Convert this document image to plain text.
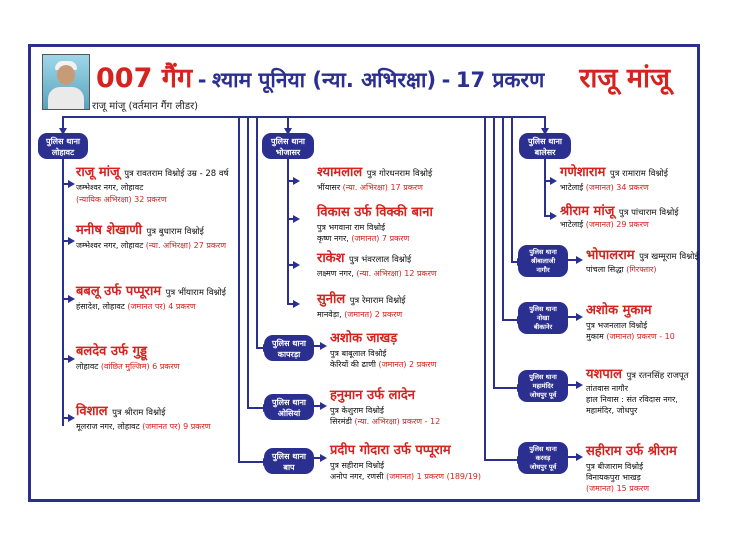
007 गैंग - श्याम पूनिया (न्या. अभिरक्षा) - 17 प्रकरण राजू मांजू
राजू मांजू (वर्तमान गैंग लीडर)
पुलिस थाना
लोहावट
पुलिस थाना
भोजासर
पुलिस थाना
कापरड़ा
पुलिस थाना
ओसियां
पुलिस थाना
बाप
पुलिस थाना
बालेसर
पुलिस थाना
श्रीबालाजी
नागौर
पुलिस थाना
नोखा
बीकानेर
पुलिस थाना
महामंदिर
जोधपुर पूर्व
पुलिस थाना
करवड़
जोधपुर पूर्व
राजू मांजू पुत्र रावतराम विश्नोई उम्र - 28 वर्ष
जम्भेश्वर नगर, लोहावट
(न्यायिक अभिरक्षा) 32 प्रकरण
मनीष शेखाणी पुत्र बुधाराम विश्नोई
जम्भेश्वर नगर, लोहावट (न्या. अभिरक्षा) 27 प्रकरण
बबलू उर्फ पप्पूराम पुत्र भींयाराम विश्नोई
हंसादेश, लोहावट (जमानत पर) 4 प्रकरण
बलदेव उर्फ गुड्डू
लोहावट (वांछित मुल्जिम) 6 प्रकरण
विशाल पुत्र श्रीराम विश्नोई
मूलराज नगर, लोहावट (जमानत पर) 9 प्रकरण
श्यामलाल पुत्र गोरधनराम विश्नोई
भींयासर (न्या. अभिरक्षा) 17 प्रकरण
विकास उर्फ विक्की बाना
पुत्र भगवाना राम विश्नोई
कृष्ण नगर, (जमानत) 7 प्रकरण
राकेश पुत्र भंवरलाल विश्नोई
लक्ष्मण नगर, (न्या. अभिरक्षा) 12 प्रकरण
सुनील पुत्र रेमाराम विश्नोई
मानवेड़ा, (जमानत) 2 प्रकरण
अशोक जाखड़
पुत्र बाबूलाल विश्नोई
केरियों की ढाणी (जमानत) 2 प्रकरण
हनुमान उर्फ लादेन
पुत्र केशुराम विश्नोई
सिरमंडी (न्या. अभिरक्षा) प्रकरण - 12
प्रदीप गोदारा उर्फ पप्पूराम
पुत्र सहीराम विश्नोई
अनोप नगर, रणसी (जमानत) 1 प्रकरण (189/19)
गणेशाराम पुत्र रामाराम विश्नोई
भाटेलाई (जमानत) 34 प्रकरण
श्रीराम मांजू पुत्र पांचाराम विश्नोई
भाटेलाई (जमानत) 29 प्रकरण
भोपालराम पुत्र खम्मूराम विश्नोई
पांचला सिद्धा (गिरफ्तार)
अशोक मुकाम
पुत्र भजनलाल विश्नोई
मुकाम (जमानत) प्रकरण - 10
यशपाल पुत्र रतनसिंह राजपूत
तांतवास नागौर
हाल निवास : संत रविदास नगर,
महामंदिर, जोधपुर
सहीराम उर्फ श्रीराम
पुत्र बीजाराम विश्नोई
विनायकपुरा भाखड़
(जमानत) 15 प्रकरण
